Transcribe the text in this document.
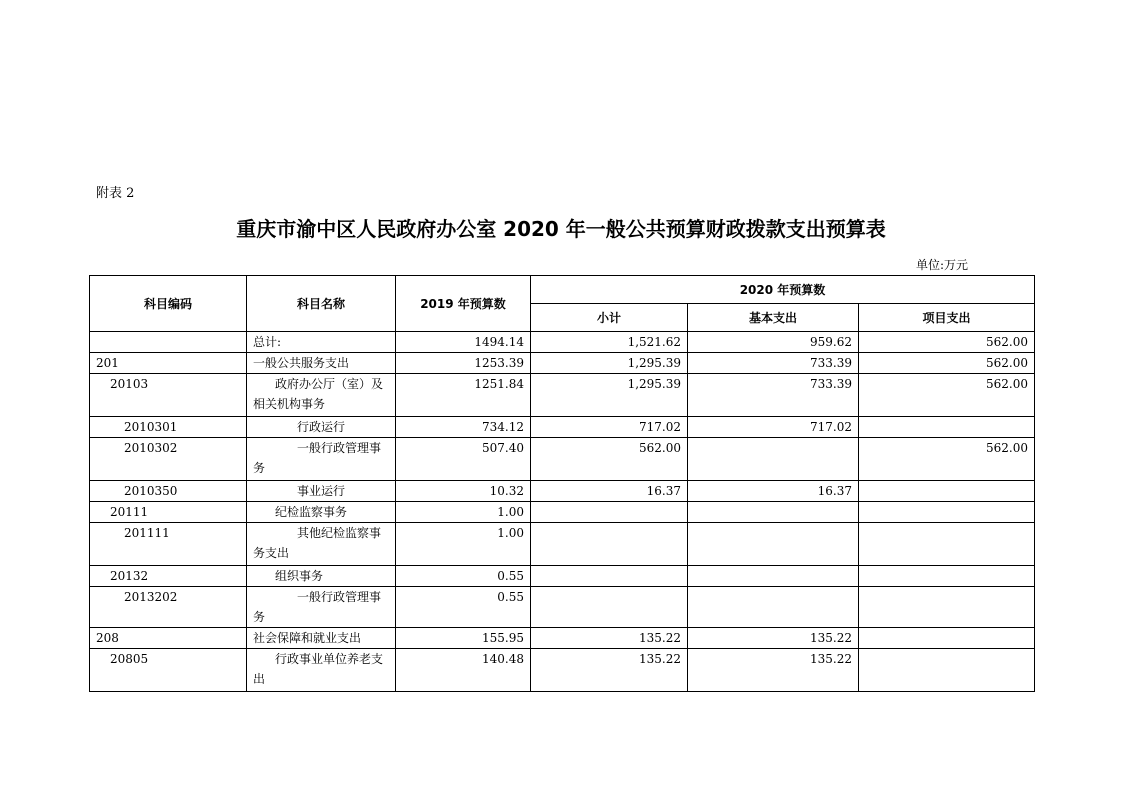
附表 2
重庆市渝中区人民政府办公室 2020 年一般公共预算财政拨款支出预算表
单位:万元
科目编码	科目名称	2019 年预算数	2020 年预算数		
			小计	基本支出	项目支出
	总计:	1494.14	1,521.62	959.62	562.00
201	一般公共服务支出	1253.39	1,295.39	733.39	562.00
20103	政府办公厅（室）及相关机构事务	1251.84	1,295.39	733.39	562.00
2010301	行政运行	734.12	717.02	717.02	
2010302	一般行政管理事务	507.40	562.00		562.00
2010350	事业运行	10.32	16.37	16.37	
20111	纪检监察事务	1.00			
201111	其他纪检监察事务支出	1.00			
20132	组织事务	0.55			
2013202	一般行政管理事务	0.55			
208	社会保障和就业支出	155.95	135.22	135.22	
20805	行政事业单位养老支出	140.48	135.22	135.22	
